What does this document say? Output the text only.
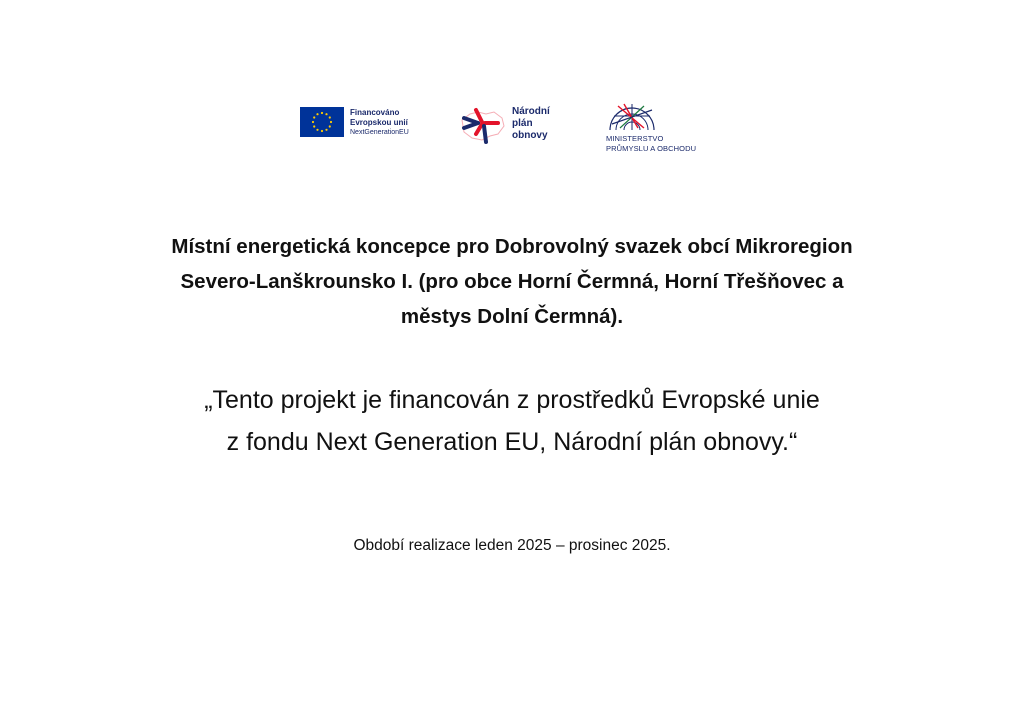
Financováno
Evropskou unií
NextGenerationEU
Národní
plán
obnovy	MINISTERSTVO
PRŮMYSLU A OBCHODU
Místní energetická koncepce pro Dobrovolný svazek obcí Mikroregion
Severo-Lanškrounsko I. (pro obce Horní Čermná, Horní Třešňovec a
městys Dolní Čermná).

„Tento projekt je financován z prostředků Evropské unie
z fondu Next Generation EU, Národní plán obnovy.“

Období realizace leden 2025 – prosinec 2025.
